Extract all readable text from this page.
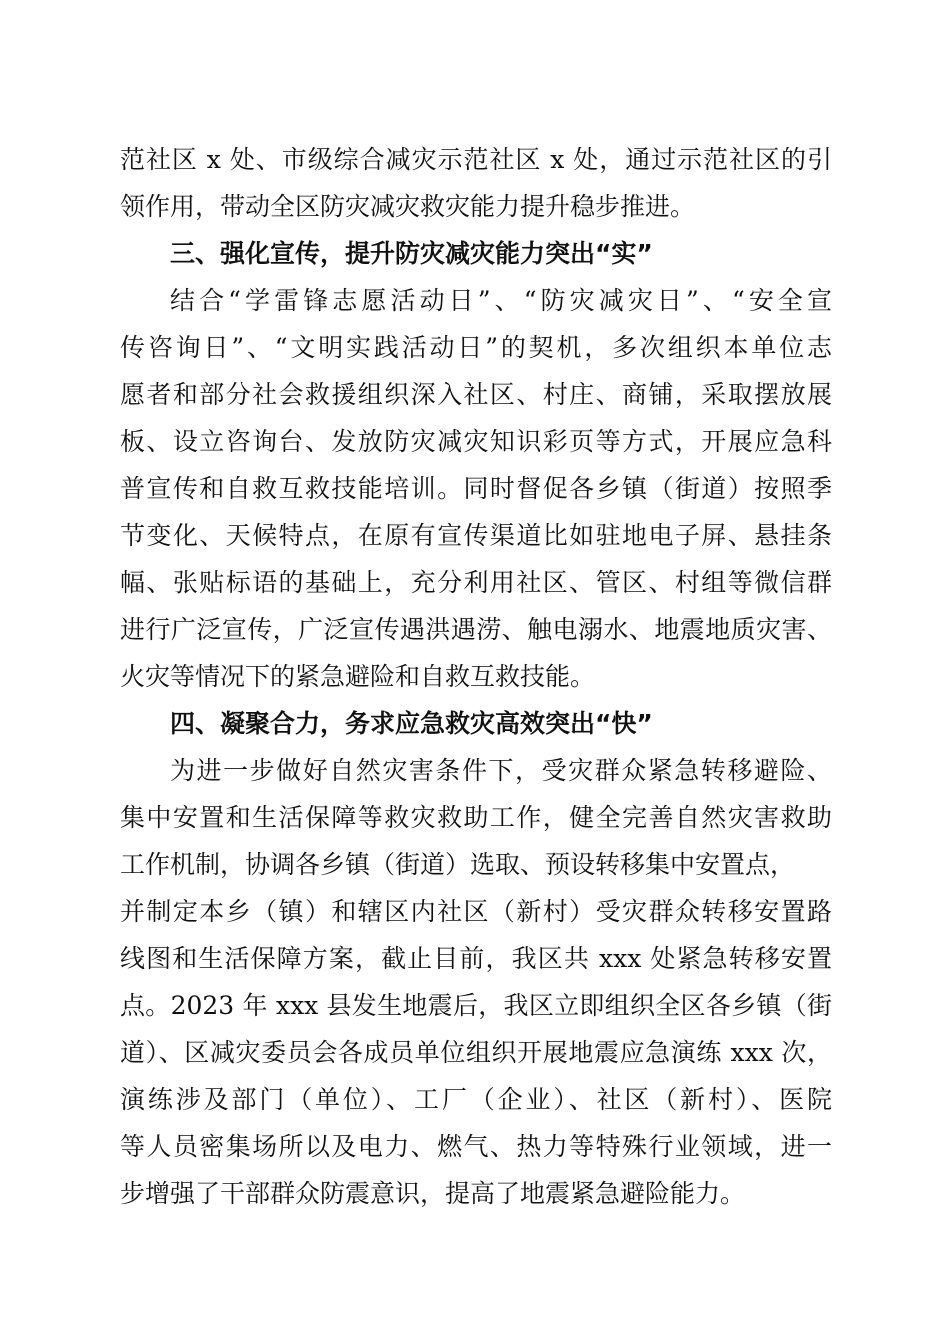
范社区 x 处、市级综合减灾示范社区 x 处，通过示范社区的引
领作用，带动全区防灾减灾救灾能力提升稳步推进。
三、强化宣传，提升防灾减灾能力突出“实”
结合“学雷锋志愿活动日”、“防灾减灾日”、“安全宣
传咨询日”、“文明实践活动日”的契机，多次组织本单位志
愿者和部分社会救援组织深入社区、村庄、商铺，采取摆放展
板、设立咨询台、发放防灾减灾知识彩页等方式，开展应急科
普宣传和自救互救技能培训。同时督促各乡镇（街道）按照季
节变化、天候特点，在原有宣传渠道比如驻地电子屏、悬挂条
幅、张贴标语的基础上，充分利用社区、管区、村组等微信群
进行广泛宣传，广泛宣传遇洪遇涝、触电溺水、地震地质灾害、
火灾等情况下的紧急避险和自救互救技能。
四、凝聚合力，务求应急救灾高效突出“快”
为进一步做好自然灾害条件下，受灾群众紧急转移避险、
集中安置和生活保障等救灾救助工作，健全完善自然灾害救助
工作机制，协调各乡镇（街道）选取、预设转移集中安置点，
并制定本乡（镇）和辖区内社区（新村）受灾群众转移安置路
线图和生活保障方案，截止目前，我区共 xxx 处紧急转移安置
点。2023 年 xxx 县发生地震后，我区立即组织全区各乡镇（街
道）、区减灾委员会各成员单位组织开展地震应急演练 xxx 次，
演练涉及部门（单位）、工厂（企业）、社区（新村）、医院
等人员密集场所以及电力、燃气、热力等特殊行业领域，进一
步增强了干部群众防震意识，提高了地震紧急避险能力。
